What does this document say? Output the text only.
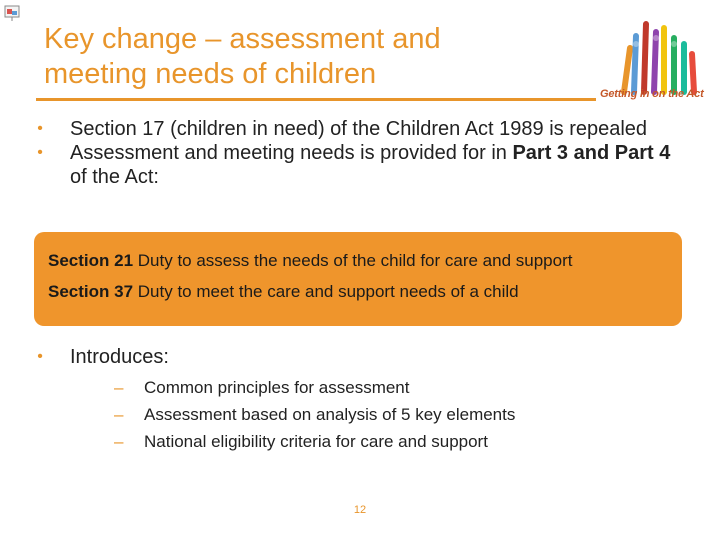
Key change – assessment and
meeting needs of children
Getting in on the Act
•	Section 17 (children in need) of the Children Act 1989 is repealed
•	Assessment and meeting needs is provided for in Part 3 and Part 4 of the Act:
Section 21 Duty to assess the needs of the child for care and support
Section 37 Duty to meet the care and support needs of a child
•	Introduces:
– Common principles for assessment
– Assessment based on analysis of 5 key elements
– National eligibility criteria for care and support
12
